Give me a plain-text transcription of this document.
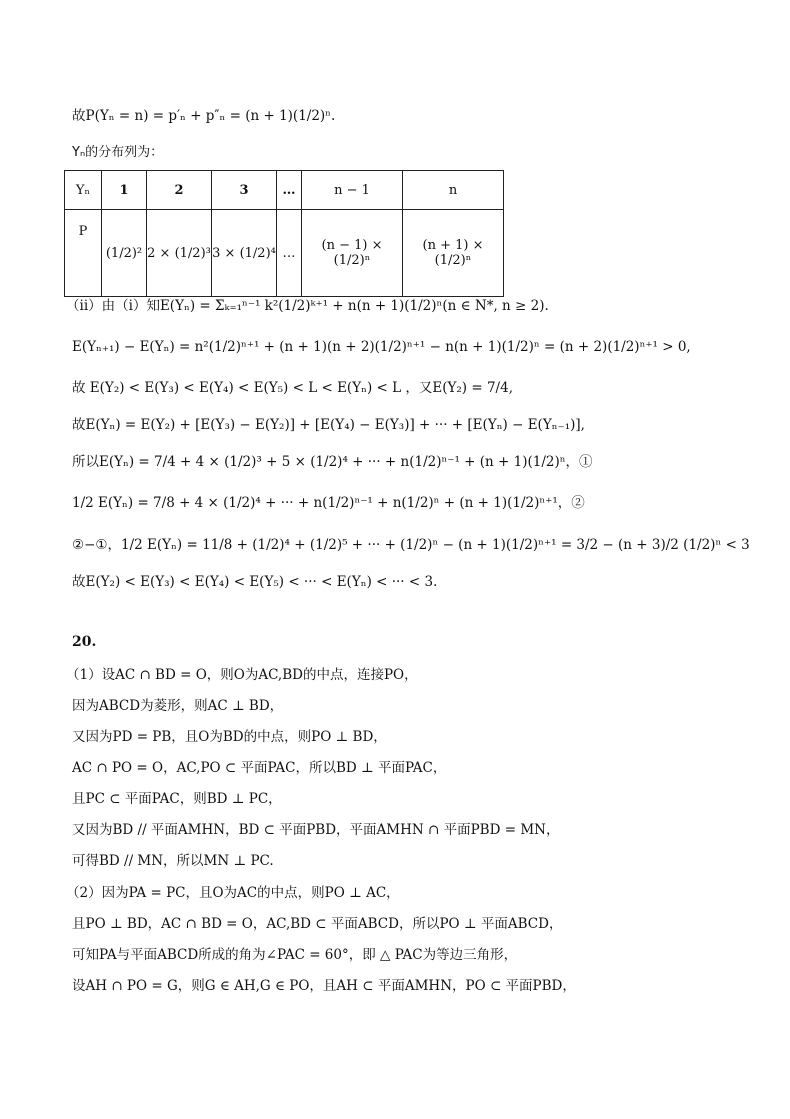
故P(Yₙ = n) = p′ₙ + p″ₙ = (n + 1)(1/2)ⁿ.
Yₙ的分布列为：
Yₙ	1	2	3	…	n − 1	n
P	(1/2)²	2 × (1/2)³	3 × (1/2)⁴	…	(n − 1) × (1/2)ⁿ	(n + 1) × (1/2)ⁿ
（ii）由（i）知E(Yₙ) = Σₖ₌₁ⁿ⁻¹ k²(1/2)ᵏ⁺¹ + n(n + 1)(1/2)ⁿ(n ∈ N*, n ≥ 2).
E(Yₙ₊₁) − E(Yₙ) = n²(1/2)ⁿ⁺¹ + (n + 1)(n + 2)(1/2)ⁿ⁺¹ − n(n + 1)(1/2)ⁿ = (n + 2)(1/2)ⁿ⁺¹ > 0,
故 E(Y₂) < E(Y₃) < E(Y₄) < E(Y₅) < L < E(Yₙ) < L ，又E(Y₂) = 7/4,
故E(Yₙ) = E(Y₂) + [E(Y₃) − E(Y₂)] + [E(Y₄) − E(Y₃)] + ··· + [E(Yₙ) − E(Yₙ₋₁)],
所以E(Yₙ) = 7/4 + 4 × (1/2)³ + 5 × (1/2)⁴ + ··· + n(1/2)ⁿ⁻¹ + (n + 1)(1/2)ⁿ，①
1/2 E(Yₙ) = 7/8 + 4 × (1/2)⁴ + ··· + n(1/2)ⁿ⁻¹ + n(1/2)ⁿ + (n + 1)(1/2)ⁿ⁺¹，②
②−①，1/2 E(Yₙ) = 11/8 + (1/2)⁴ + (1/2)⁵ + ··· + (1/2)ⁿ − (n + 1)(1/2)ⁿ⁺¹ = 3/2 − (n + 3)/2 (1/2)ⁿ < 3
故E(Y₂) < E(Y₃) < E(Y₄) < E(Y₅) < ··· < E(Yₙ) < ··· < 3.
20.
（1）设AC ∩ BD = O，则O为AC,BD的中点，连接PO，
因为ABCD为菱形，则AC ⊥ BD，
又因为PD = PB，且O为BD的中点，则PO ⊥ BD，
AC ∩ PO = O，AC,PO ⊂ 平面PAC，所以BD ⊥ 平面PAC，
且PC ⊂ 平面PAC，则BD ⊥ PC，
又因为BD // 平面AMHN，BD ⊂ 平面PBD，平面AMHN ∩ 平面PBD = MN，
可得BD // MN，所以MN ⊥ PC.
（2）因为PA = PC，且O为AC的中点，则PO ⊥ AC，
且PO ⊥ BD，AC ∩ BD = O，AC,BD ⊂ 平面ABCD，所以PO ⊥ 平面ABCD，
可知PA与平面ABCD所成的角为∠PAC = 60°，即 △ PAC为等边三角形，
设AH ∩ PO = G，则G ∈ AH,G ∈ PO，且AH ⊂ 平面AMHN，PO ⊂ 平面PBD，
